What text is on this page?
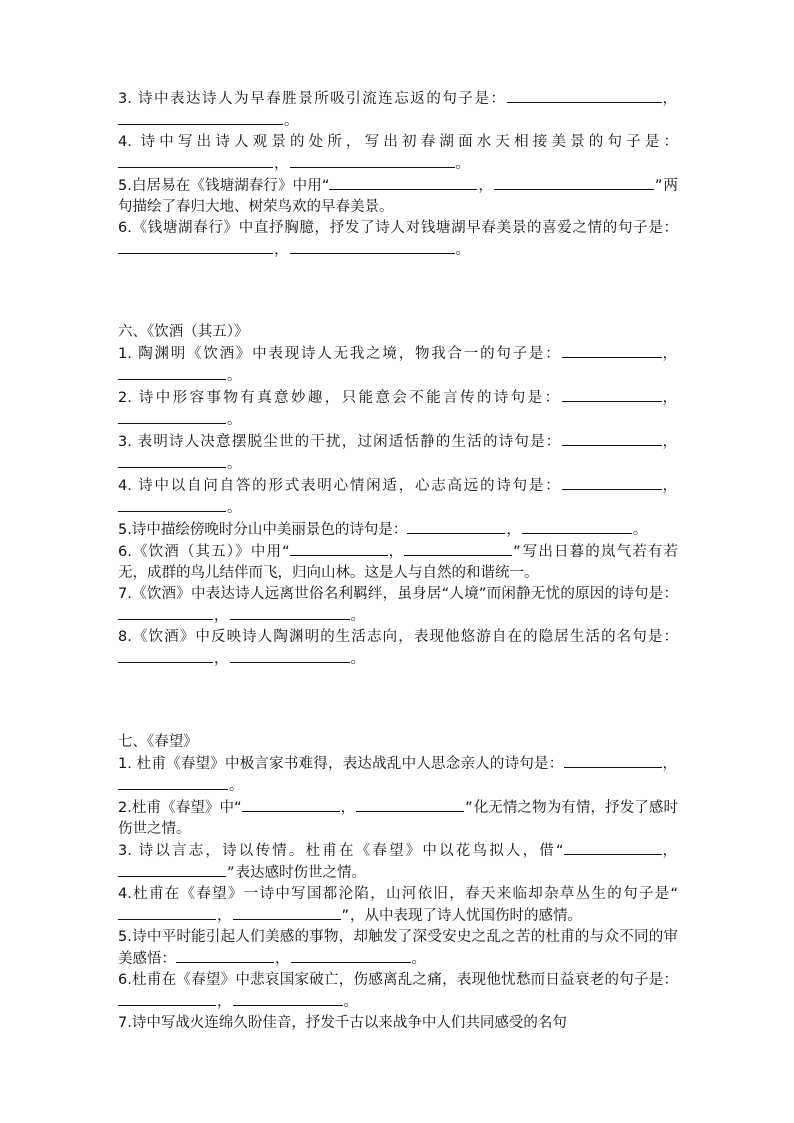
3. 诗中表达诗人为早春胜景所吸引流连忘返的句子是：	，。
4. 诗中写出诗人观景的处所，写出初春湖面水天相接美景的句子是：，	。
5.白居易在《钱塘湖春行》中用“	，	”两句描绘了春归大地、树荣鸟欢的早春美景。
6.《钱塘湖春行》中直抒胸臆，抒发了诗人对钱塘湖早春美景的喜爱之情的句子是：，	。
六、《饮酒（其五）》
1. 陶渊明《饮酒》中表现诗人无我之境，物我合一的句子是：	，。
2. 诗中形容事物有真意妙趣，只能意会不能言传的诗句是：	，。
3. 表明诗人决意摆脱尘世的干扰，过闲适恬静的生活的诗句是：	，。
4. 诗中以自问自答的形式表明心情闲适，心志高远的诗句是：	，。
5.诗中描绘傍晚时分山中美丽景色的诗句是：	，	。
6.《饮酒（其五）》中用“	，	”写出日暮的岚气若有若无，成群的鸟儿结伴而飞，归向山林。这是人与自然的和谐统一。
7.《饮酒》中表达诗人远离世俗名利羁绊，虽身居“人境”而闲静无忧的原因的诗句是：，	。
8.《饮酒》中反映诗人陶渊明的生活志向，表现他悠游自在的隐居生活的名句是：，	。
七、《春望》
1. 杜甫《春望》中极言家书难得，表达战乱中人思念亲人的诗句是：	，。
2.杜甫《春望》中“	，	”化无情之物为有情，抒发了感时伤世之情。
3. 诗以言志，诗以传情。杜甫在《春望》中以花鸟拟人，借“	，”表达感时伤世之情。
4.杜甫在《春望》一诗中写国都沦陷，山河依旧，春天来临却杂草丛生的句子是“，	”，从中表现了诗人忧国伤时的感情。
5.诗中平时能引起人们美感的事物，却触发了深受安史之乱之苦的杜甫的与众不同的审美感悟：	，	。
6.杜甫在《春望》中悲哀国家破亡，伤感离乱之痛，表现他忧愁而日益衰老的句子是：，	。
7.诗中写战火连绵久盼佳音，抒发千古以来战争中人们共同感受的名句
